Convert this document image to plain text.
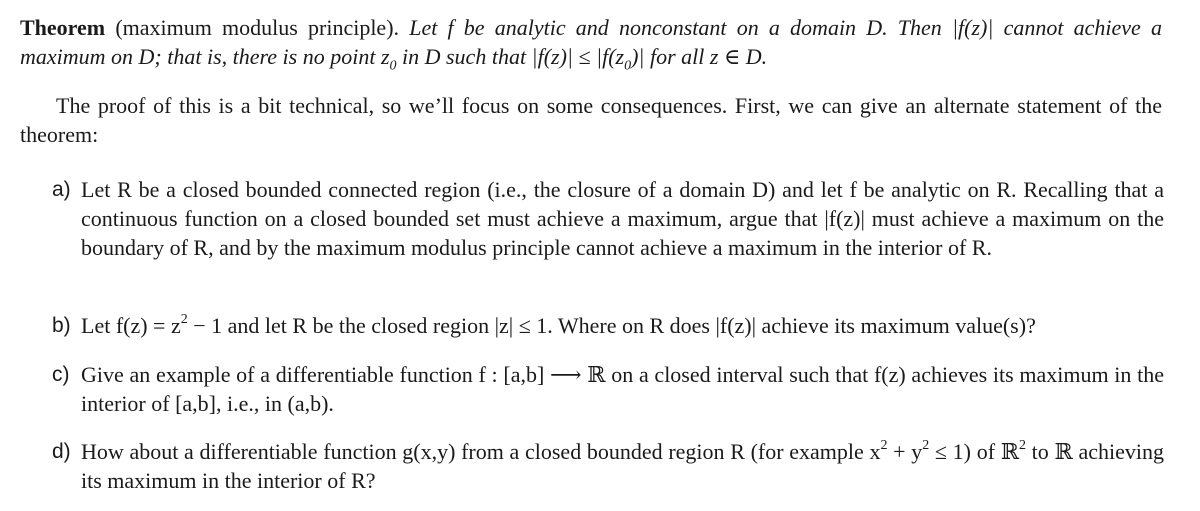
Theorem (maximum modulus principle). Let f be analytic and nonconstant on a domain D. Then |f(z)| cannot achieve a maximum on D; that is, there is no point $z_0$ in D such that $|f(z)| \le |f(z_0)|$ for all z ∈ D.
The proof of this is a bit technical, so we’ll focus on some consequences. First, we can give an alternate statement of the theorem:
a) Let R be a closed bounded connected region (i.e., the closure of a domain D) and let f be analytic on R. Recalling that a continuous function on a closed bounded set must achieve a maximum, argue that |f(z)| must achieve a maximum on the boundary of R, and by the maximum modulus principle cannot achieve a maximum in the interior of R.
b) Let $f(z) = z^2 - 1$ and let R be the closed region |z| ≤ 1. Where on R does |f(z)| achieve its maximum value(s)?
c) Give an example of a differentiable function f : [a,b] ⟶ ℝ on a closed interval such that f(z) achieves its maximum in the interior of [a,b], i.e., in (a,b).
d) How about a differentiable function g(x,y) from a closed bounded region R (for example $x^2 + y^2 \le 1$) of ℝ$^2$ to ℝ achieving its maximum in the interior of R?
